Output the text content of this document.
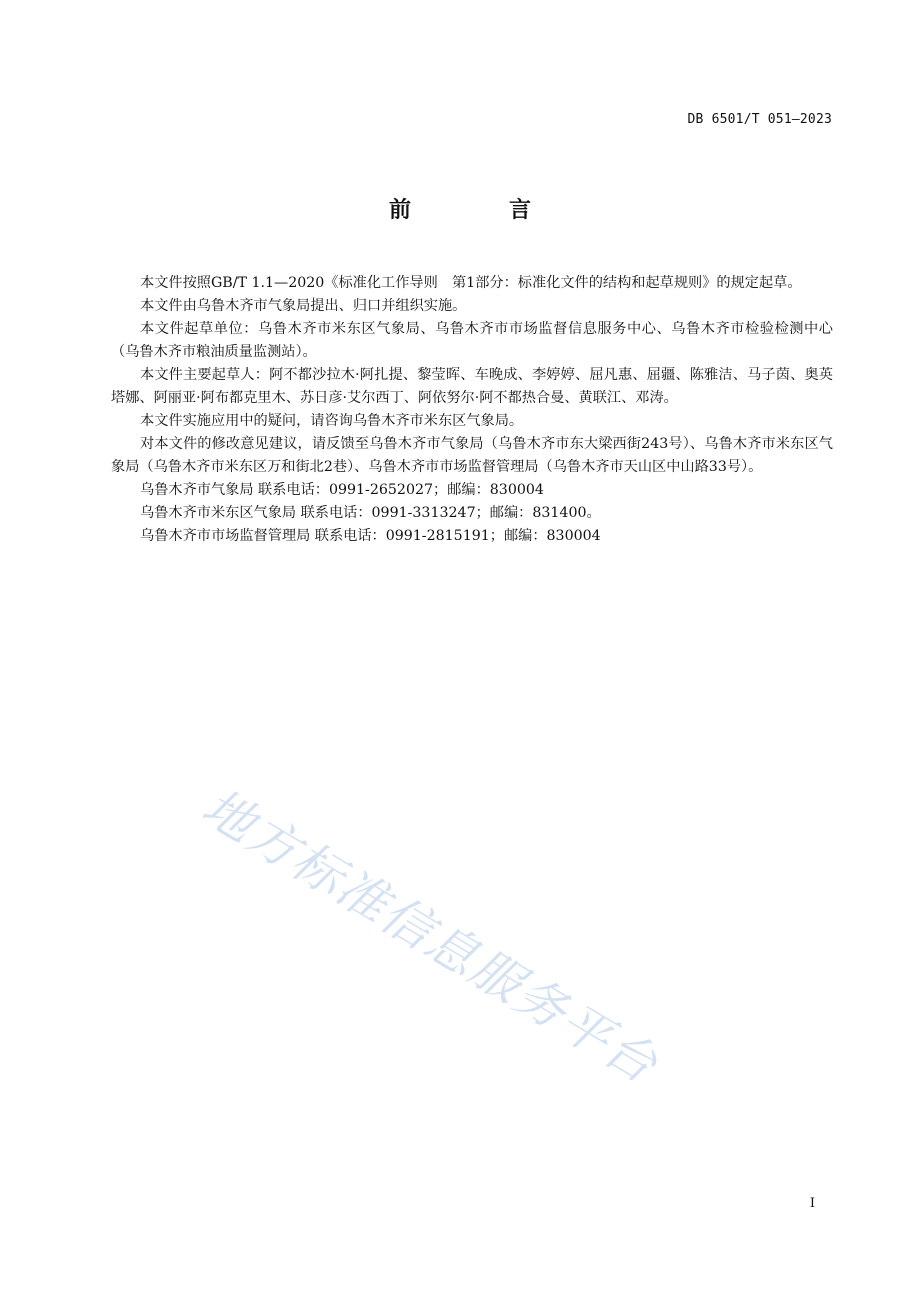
DB 6501/T 051—2023
前　言

本文件按照GB/T 1.1—2020《标准化工作导则　第1部分：标准化文件的结构和起草规则》的规定起草。

本文件由乌鲁木齐市气象局提出、归口并组织实施。

本文件起草单位：乌鲁木齐市米东区气象局、乌鲁木齐市市场监督信息服务中心、乌鲁木齐市检验检测中心（乌鲁木齐市粮油质量监测站）。

本文件主要起草人：阿不都沙拉木·阿扎提、黎莹晖、车晚成、李婷婷、屈凡惠、屈疆、陈雅洁、马子茵、奥英塔娜、阿丽亚·阿布都克里木、苏日彦·艾尔西丁、阿依努尔·阿不都热合曼、黄联江、邓涛。

本文件实施应用中的疑问，请咨询乌鲁木齐市米东区气象局。

对本文件的修改意见建议，请反馈至乌鲁木齐市气象局（乌鲁木齐市东大梁西街243号）、乌鲁木齐市米东区气象局（乌鲁木齐市米东区万和街北2巷）、乌鲁木齐市市场监督管理局（乌鲁木齐市天山区中山路33号）。

乌鲁木齐市气象局 联系电话：0991-2652027；邮编：830004

乌鲁木齐市米东区气象局 联系电话：0991-3313247；邮编：831400。

乌鲁木齐市市场监督管理局 联系电话：0991-2815191；邮编：830004

地方标准信息服务平台
I
